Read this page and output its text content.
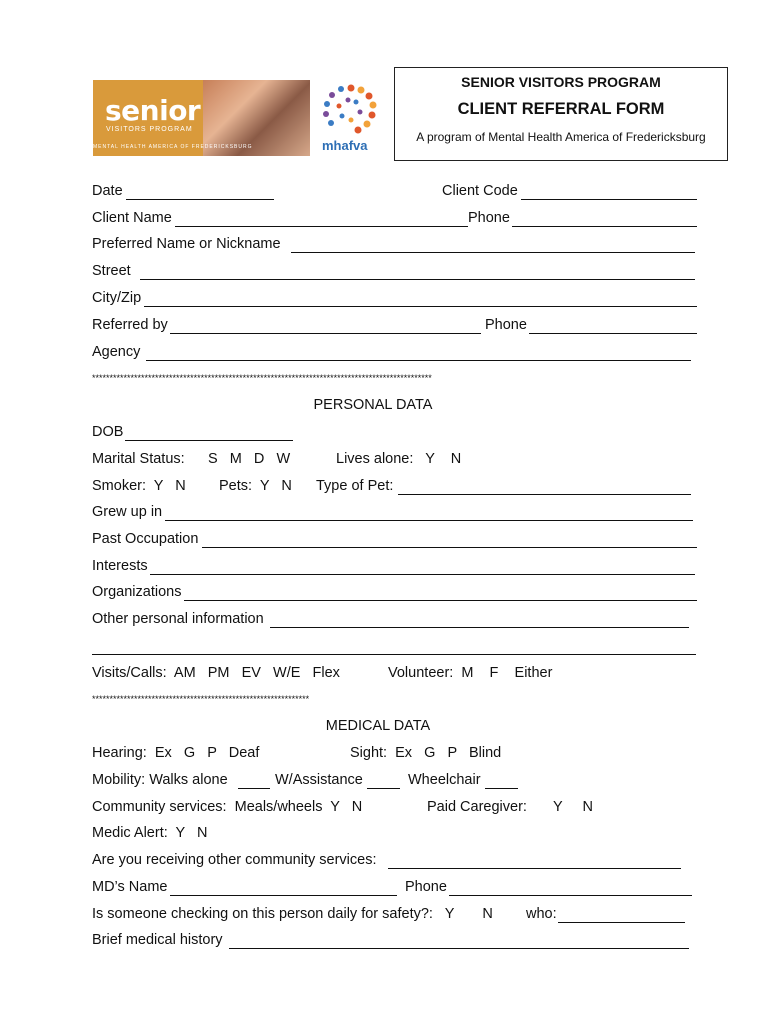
senior
VISITORS PROGRAM
MENTAL HEALTH AMERICA OF FREDERICKSBURG	mhafva
SENIOR VISITORS PROGRAM
CLIENT REFERRAL FORM
A program of Mental Health America of Fredericksburg
Date	Client Code
Client Name	Phone
Preferred Name or Nickname
Street
City/Zip
Referred by	Phone
Agency
*************************************************************************************************
PERSONAL DATA
DOB
Marital Status: S   M   D   W	Lives alone:   Y    N
Smoker:  Y   N Pets:  Y   N Type of Pet:
Grew up in
Past Occupation
Interests
Organizations
Other personal information
Visits/Calls:  AM   PM   EV   W/E   Flex	Volunteer:  M    F    Either
**************************************************************
MEDICAL DATA
Hearing:  Ex   G   P   Deaf	Sight:  Ex   G   P   Blind
Mobility: Walks alone	W/Assistance	Wheelchair
Community services:  Meals/wheels  Y   N	Paid Caregiver: Y     N
Medic Alert:  Y   N
Are you receiving other community services:
MD’s Name	Phone
Is someone checking on this person daily for safety?:   Y       N who:
Brief medical history
